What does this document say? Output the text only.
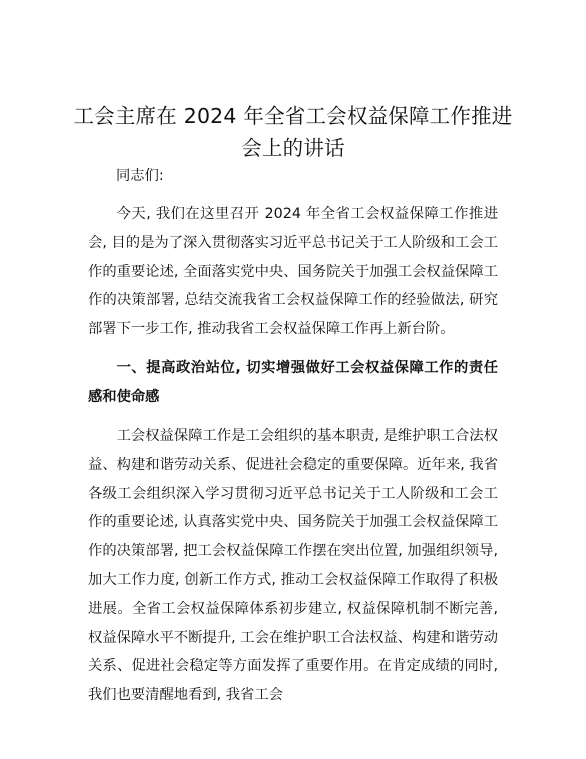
工会主席在 2024 年全省工会权益保障工作推进会上的讲话
同志们:

今天, 我们在这里召开 2024 年全省工会权益保障工作推进会, 目的是为了深入贯彻落实习近平总书记关于工人阶级和工会工作的重要论述, 全面落实党中央、国务院关于加强工会权益保障工作的决策部署, 总结交流我省工会权益保障工作的经验做法, 研究部署下一步工作, 推动我省工会权益保障工作再上新台阶。

一、提高政治站位, 切实增强做好工会权益保障工作的责任感和使命感

工会权益保障工作是工会组织的基本职责, 是维护职工合法权益、构建和谐劳动关系、促进社会稳定的重要保障。近年来, 我省各级工会组织深入学习贯彻习近平总书记关于工人阶级和工会工作的重要论述, 认真落实党中央、国务院关于加强工会权益保障工作的决策部署, 把工会权益保障工作摆在突出位置, 加强组织领导, 加大工作力度, 创新工作方式, 推动工会权益保障工作取得了积极进展。全省工会权益保障体系初步建立, 权益保障机制不断完善, 权益保障水平不断提升, 工会在维护职工合法权益、构建和谐劳动关系、促进社会稳定等方面发挥了重要作用。在肯定成绩的同时, 我们也要清醒地看到, 我省工会
